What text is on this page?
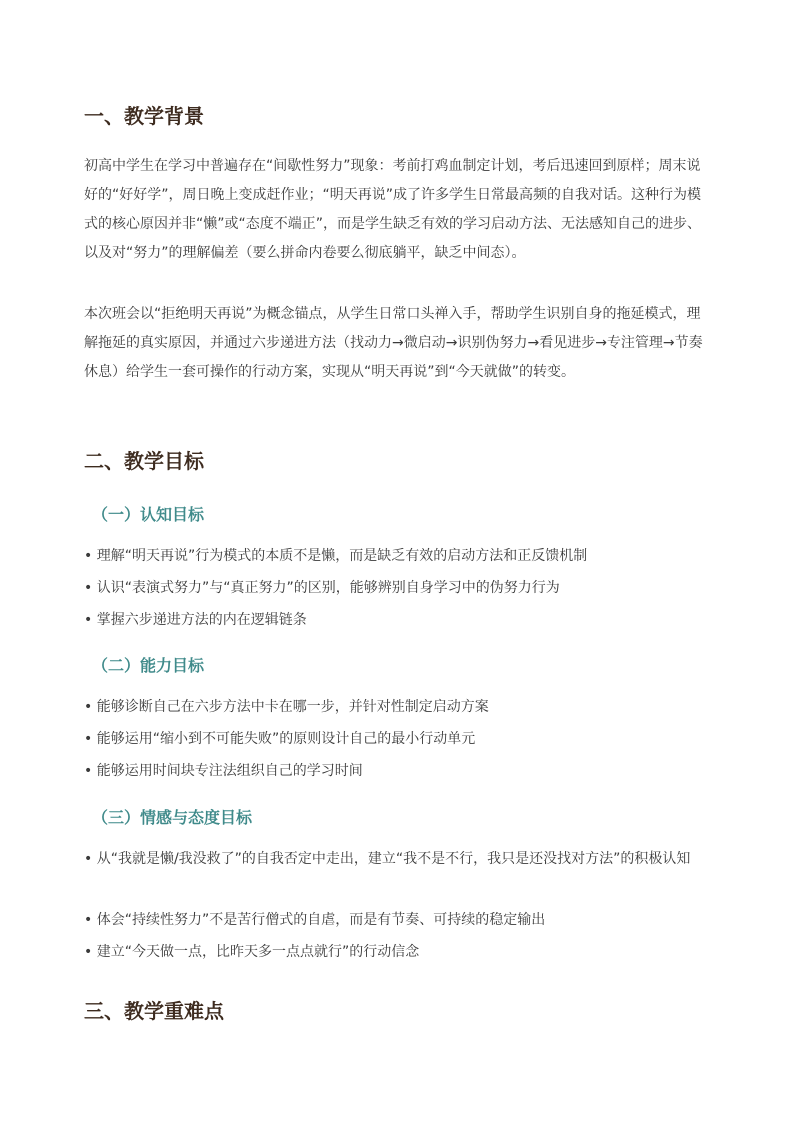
一、教学背景

初高中学生在学习中普遍存在“间歇性努力”现象：考前打鸡血制定计划，考后迅速回到原样；周末说好的“好好学”，周日晚上变成赶作业；“明天再说”成了许多学生日常最高频的自我对话。这种行为模式的核心原因并非“懒”或“态度不端正”，而是学生缺乏有效的学习启动方法、无法感知自己的进步、以及对“努力”的理解偏差（要么拼命内卷要么彻底躺平，缺乏中间态）。

本次班会以“拒绝明天再说”为概念锚点，从学生日常口头禅入手，帮助学生识别自身的拖延模式，理解拖延的真实原因，并通过六步递进方法（找动力→微启动→识别伪努力→看见进步→专注管理→节奏休息）给学生一套可操作的行动方案，实现从“明天再说”到“今天就做”的转变。

二、教学目标
（一）认知目标

• 理解“明天再说”行为模式的本质不是懒，而是缺乏有效的启动方法和正反馈机制

• 认识“表演式努力”与“真正努力”的区别，能够辨别自身学习中的伪努力行为

• 掌握六步递进方法的内在逻辑链条

（二）能力目标

• 能够诊断自己在六步方法中卡在哪一步，并针对性制定启动方案

• 能够运用“缩小到不可能失败”的原则设计自己的最小行动单元

• 能够运用时间块专注法组织自己的学习时间

（三）情感与态度目标

• 从“我就是懒/我没救了”的自我否定中走出，建立“我不是不行，我只是还没找对方法”的积极认知

• 体会“持续性努力”不是苦行僧式的自虐，而是有节奏、可持续的稳定输出

• 建立“今天做一点，比昨天多一点点就行”的行动信念

三、教学重难点
